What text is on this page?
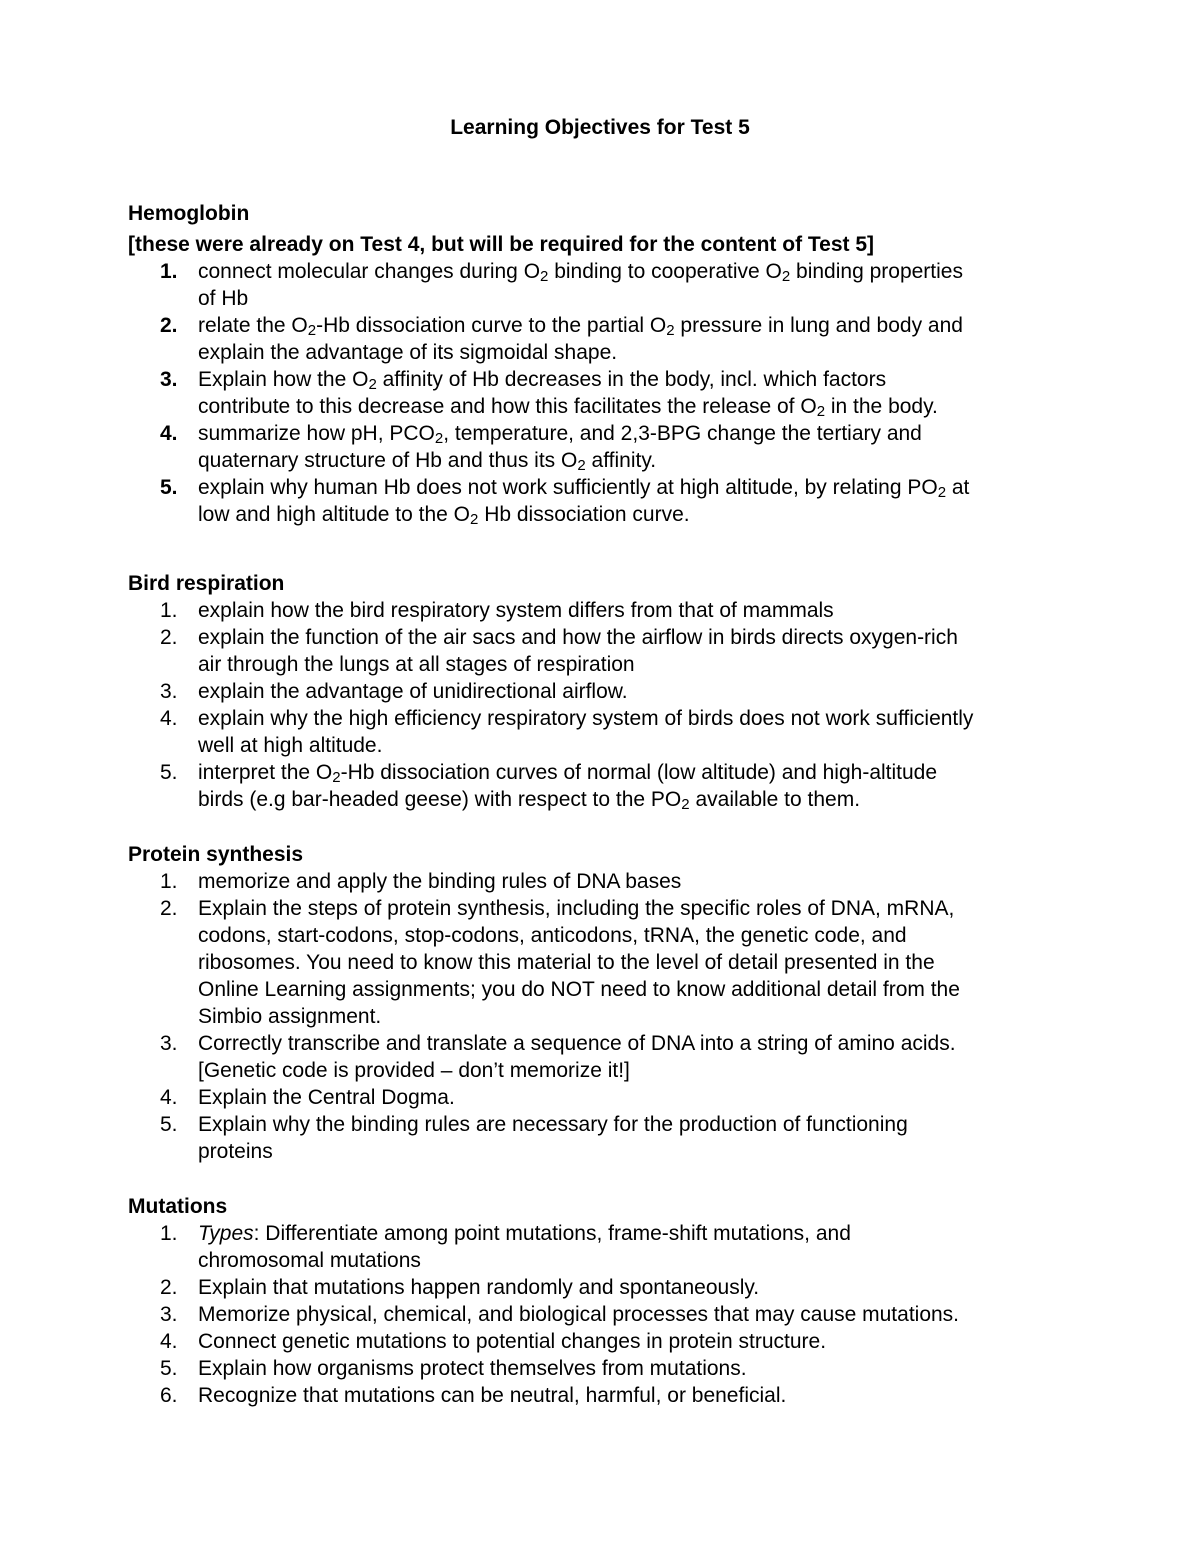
Learning Objectives for Test 5
Hemoglobin
[these were already on Test 4, but will be required for the content of Test 5]
1. connect molecular changes during $O_2$ binding to cooperative $O_2$ binding properties
of Hb
2. relate the $O_2-Hb$ dissociation curve to the partial $O_2$ pressure in lung and body and
explain the advantage of its sigmoidal shape.
3. Explain how the $O_2$ affinity of Hb decreases in the body, incl. which factors
contribute to this decrease and how this facilitates the release of $O_2$ in the body.
4. summarize how pH, $PCO_2$, temperature, and 2,3-BPG change the tertiary and
quaternary structure of Hb and thus its $O_2$ affinity.
5. explain why human Hb does not work sufficiently at high altitude, by relating $PO_2$ at
low and high altitude to the $O_2$ Hb dissociation curve.
Bird respiration
1. explain how the bird respiratory system differs from that of mammals
2. explain the function of the air sacs and how the airflow in birds directs oxygen-rich
air through the lungs at all stages of respiration
3. explain the advantage of unidirectional airflow.
4. explain why the high efficiency respiratory system of birds does not work sufficiently
well at high altitude.
5. interpret the $O_2-Hb$ dissociation curves of normal (low altitude) and high-altitude
birds (e.g bar-headed geese) with respect to the $PO_2$ available to them.
Protein synthesis
1. memorize and apply the binding rules of DNA bases
2. Explain the steps of protein synthesis, including the specific roles of DNA, mRNA,
codons, start-codons, stop-codons, anticodons, tRNA, the genetic code, and
ribosomes. You need to know this material to the level of detail presented in the
Online Learning assignments; you do NOT need to know additional detail from the
Simbio assignment.
3. Correctly transcribe and translate a sequence of DNA into a string of amino acids.
[Genetic code is provided – don’t memorize it!]
4. Explain the Central Dogma.
5. Explain why the binding rules are necessary for the production of functioning
proteins
Mutations
1. Types: Differentiate among point mutations, frame-shift mutations, and
chromosomal mutations
2. Explain that mutations happen randomly and spontaneously.
3. Memorize physical, chemical, and biological processes that may cause mutations.
4. Connect genetic mutations to potential changes in protein structure.
5. Explain how organisms protect themselves from mutations.
6. Recognize that mutations can be neutral, harmful, or beneficial.
